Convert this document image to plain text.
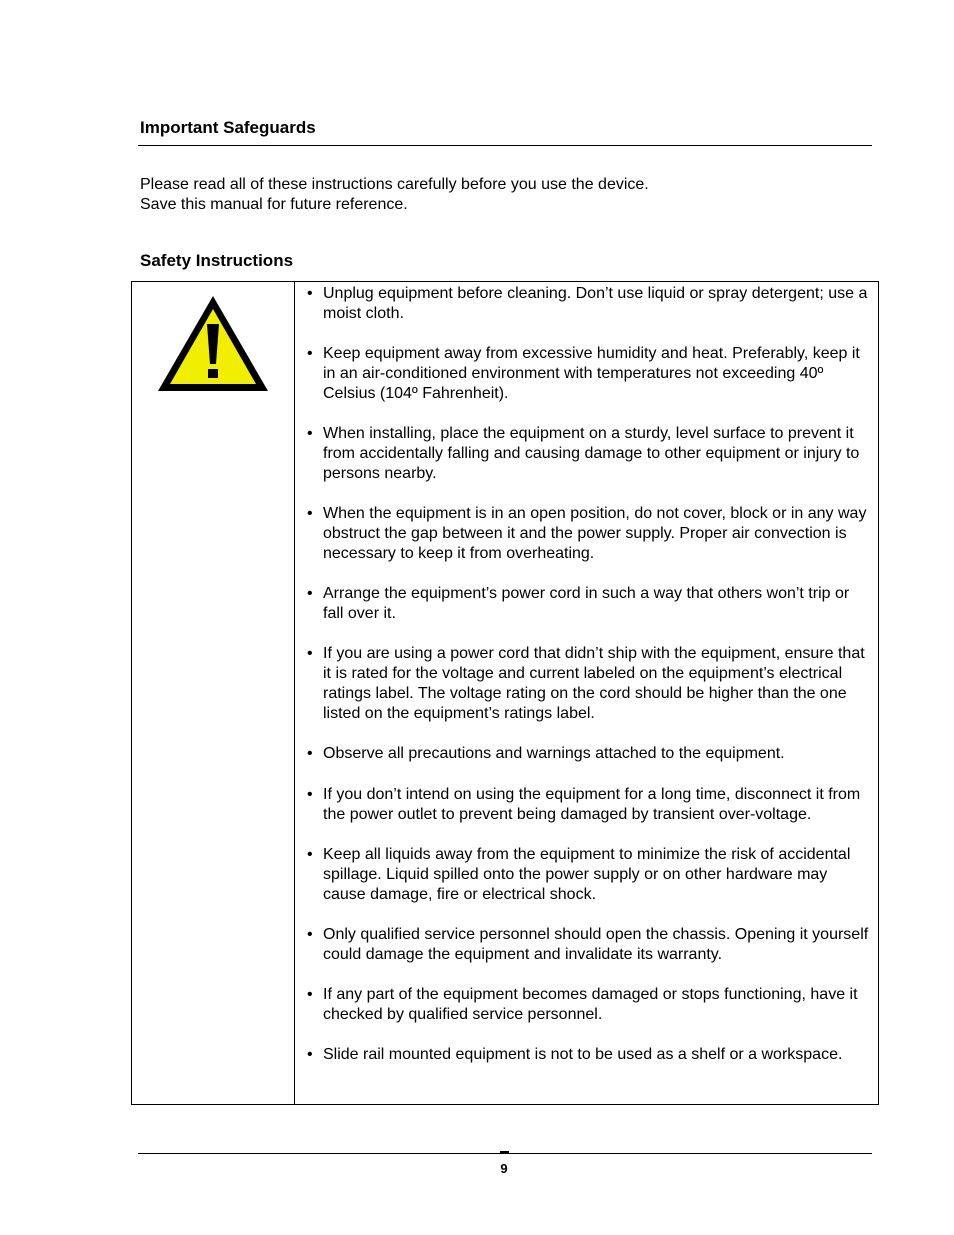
Important Safeguards

Please read all of these instructions carefully before you use the device.
Save this manual for future reference.

Safety Instructions
• Unplug equipment before cleaning. Don’t use liquid or spray detergent; use a moist cloth.
• Keep equipment away from excessive humidity and heat. Preferably, keep it in an air-conditioned environment with temperatures not exceeding 40º Celsius (104º Fahrenheit).
• When installing, place the equipment on a sturdy, level surface to prevent it from accidentally falling and causing damage to other equipment or injury to persons nearby.
• When the equipment is in an open position, do not cover, block or in any way obstruct the gap between it and the power supply. Proper air convection is necessary to keep it from overheating.
• Arrange the equipment’s power cord in such a way that others won’t trip or fall over it.
• If you are using a power cord that didn’t ship with the equipment, ensure that it is rated for the voltage and current labeled on the equipment’s electrical ratings label. The voltage rating on the cord should be higher than the one listed on the equipment’s ratings label.
• Observe all precautions and warnings attached to the equipment.
• If you don’t intend on using the equipment for a long time, disconnect it from the power outlet to prevent being damaged by transient over-voltage.
• Keep all liquids away from the equipment to minimize the risk of accidental spillage. Liquid spilled onto the power supply or on other hardware may cause damage, fire or electrical shock.
• Only qualified service personnel should open the chassis. Opening it yourself could damage the equipment and invalidate its warranty.
• If any part of the equipment becomes damaged or stops functioning, have it checked by qualified service personnel.
• Slide rail mounted equipment is not to be used as a shelf or a workspace.
9
